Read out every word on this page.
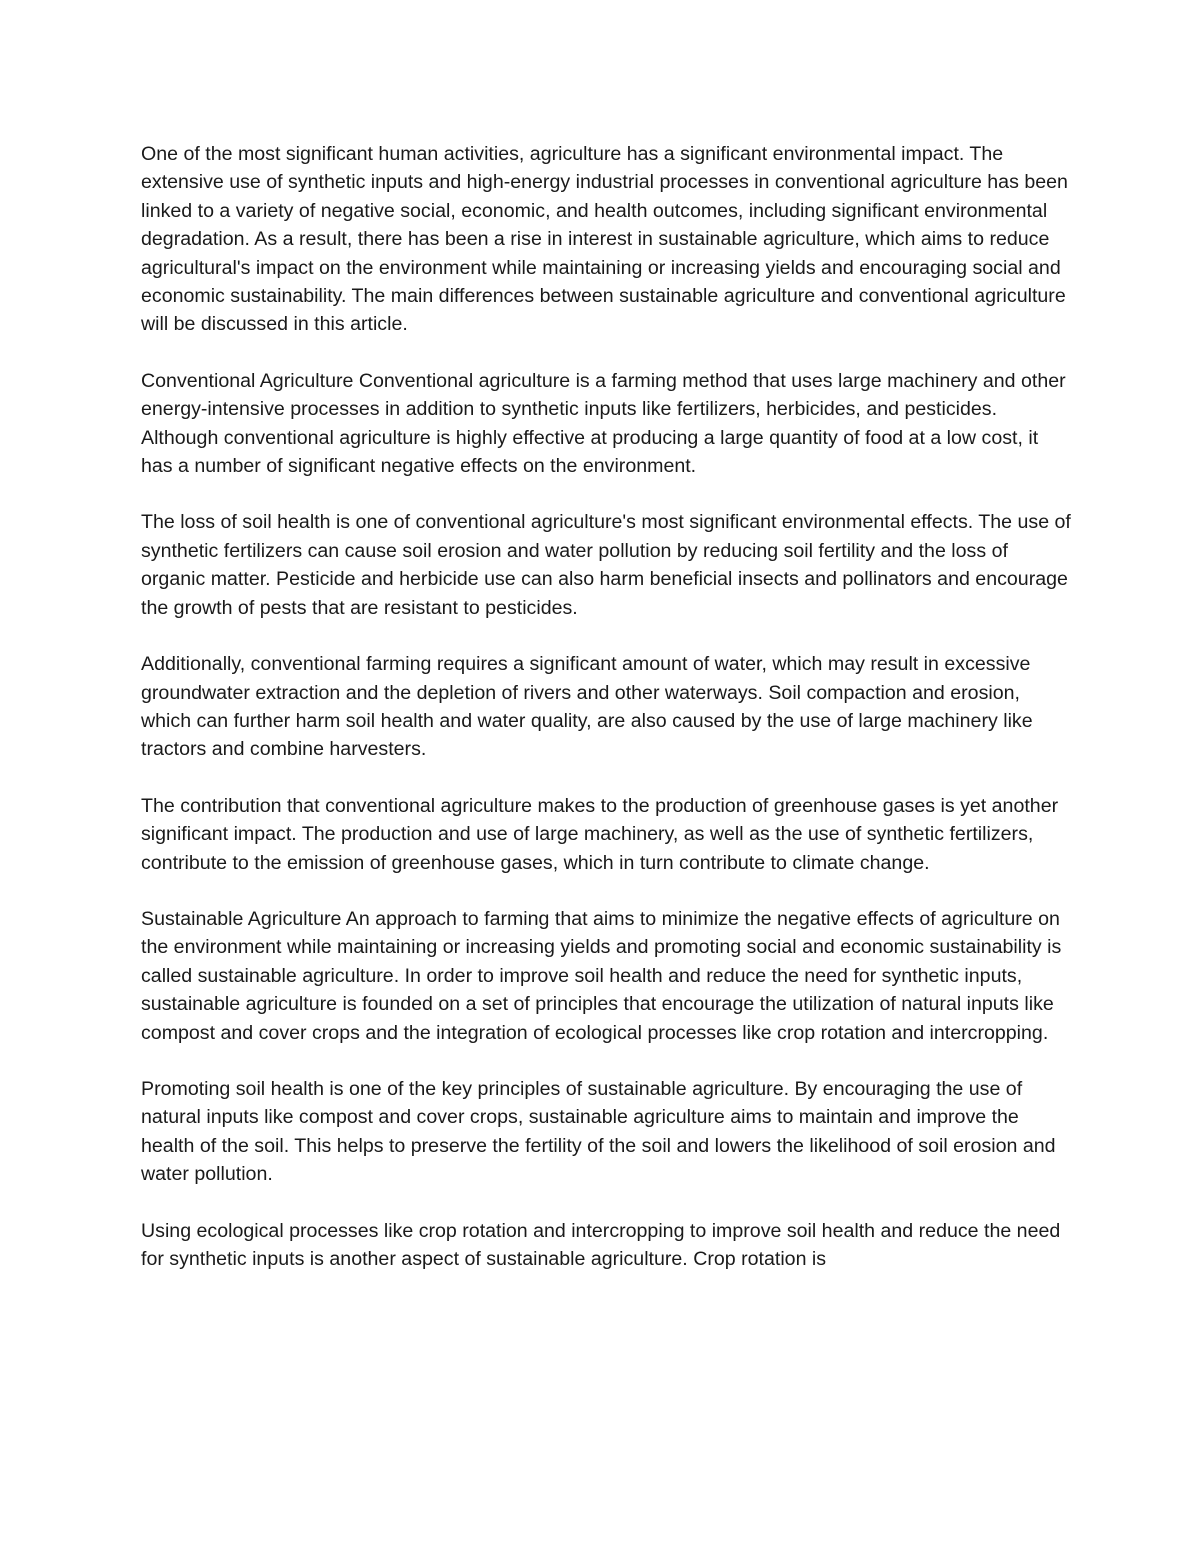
One of the most significant human activities, agriculture has a significant environmental impact. The extensive use of synthetic inputs and high-energy industrial processes in conventional agriculture has been linked to a variety of negative social, economic, and health outcomes, including significant environmental degradation. As a result, there has been a rise in interest in sustainable agriculture, which aims to reduce agricultural's impact on the environment while maintaining or increasing yields and encouraging social and economic sustainability. The main differences between sustainable agriculture and conventional agriculture will be discussed in this article.

Conventional Agriculture Conventional agriculture is a farming method that uses large machinery and other energy-intensive processes in addition to synthetic inputs like fertilizers, herbicides, and pesticides. Although conventional agriculture is highly effective at producing a large quantity of food at a low cost, it has a number of significant negative effects on the environment.

The loss of soil health is one of conventional agriculture's most significant environmental effects. The use of synthetic fertilizers can cause soil erosion and water pollution by reducing soil fertility and the loss of organic matter. Pesticide and herbicide use can also harm beneficial insects and pollinators and encourage the growth of pests that are resistant to pesticides.

Additionally, conventional farming requires a significant amount of water, which may result in excessive groundwater extraction and the depletion of rivers and other waterways. Soil compaction and erosion, which can further harm soil health and water quality, are also caused by the use of large machinery like tractors and combine harvesters.

The contribution that conventional agriculture makes to the production of greenhouse gases is yet another significant impact. The production and use of large machinery, as well as the use of synthetic fertilizers, contribute to the emission of greenhouse gases, which in turn contribute to climate change.

Sustainable Agriculture An approach to farming that aims to minimize the negative effects of agriculture on the environment while maintaining or increasing yields and promoting social and economic sustainability is called sustainable agriculture. In order to improve soil health and reduce the need for synthetic inputs, sustainable agriculture is founded on a set of principles that encourage the utilization of natural inputs like compost and cover crops and the integration of ecological processes like crop rotation and intercropping.

Promoting soil health is one of the key principles of sustainable agriculture. By encouraging the use of natural inputs like compost and cover crops, sustainable agriculture aims to maintain and improve the health of the soil. This helps to preserve the fertility of the soil and lowers the likelihood of soil erosion and water pollution.

Using ecological processes like crop rotation and intercropping to improve soil health and reduce the need for synthetic inputs is another aspect of sustainable agriculture. Crop rotation is
